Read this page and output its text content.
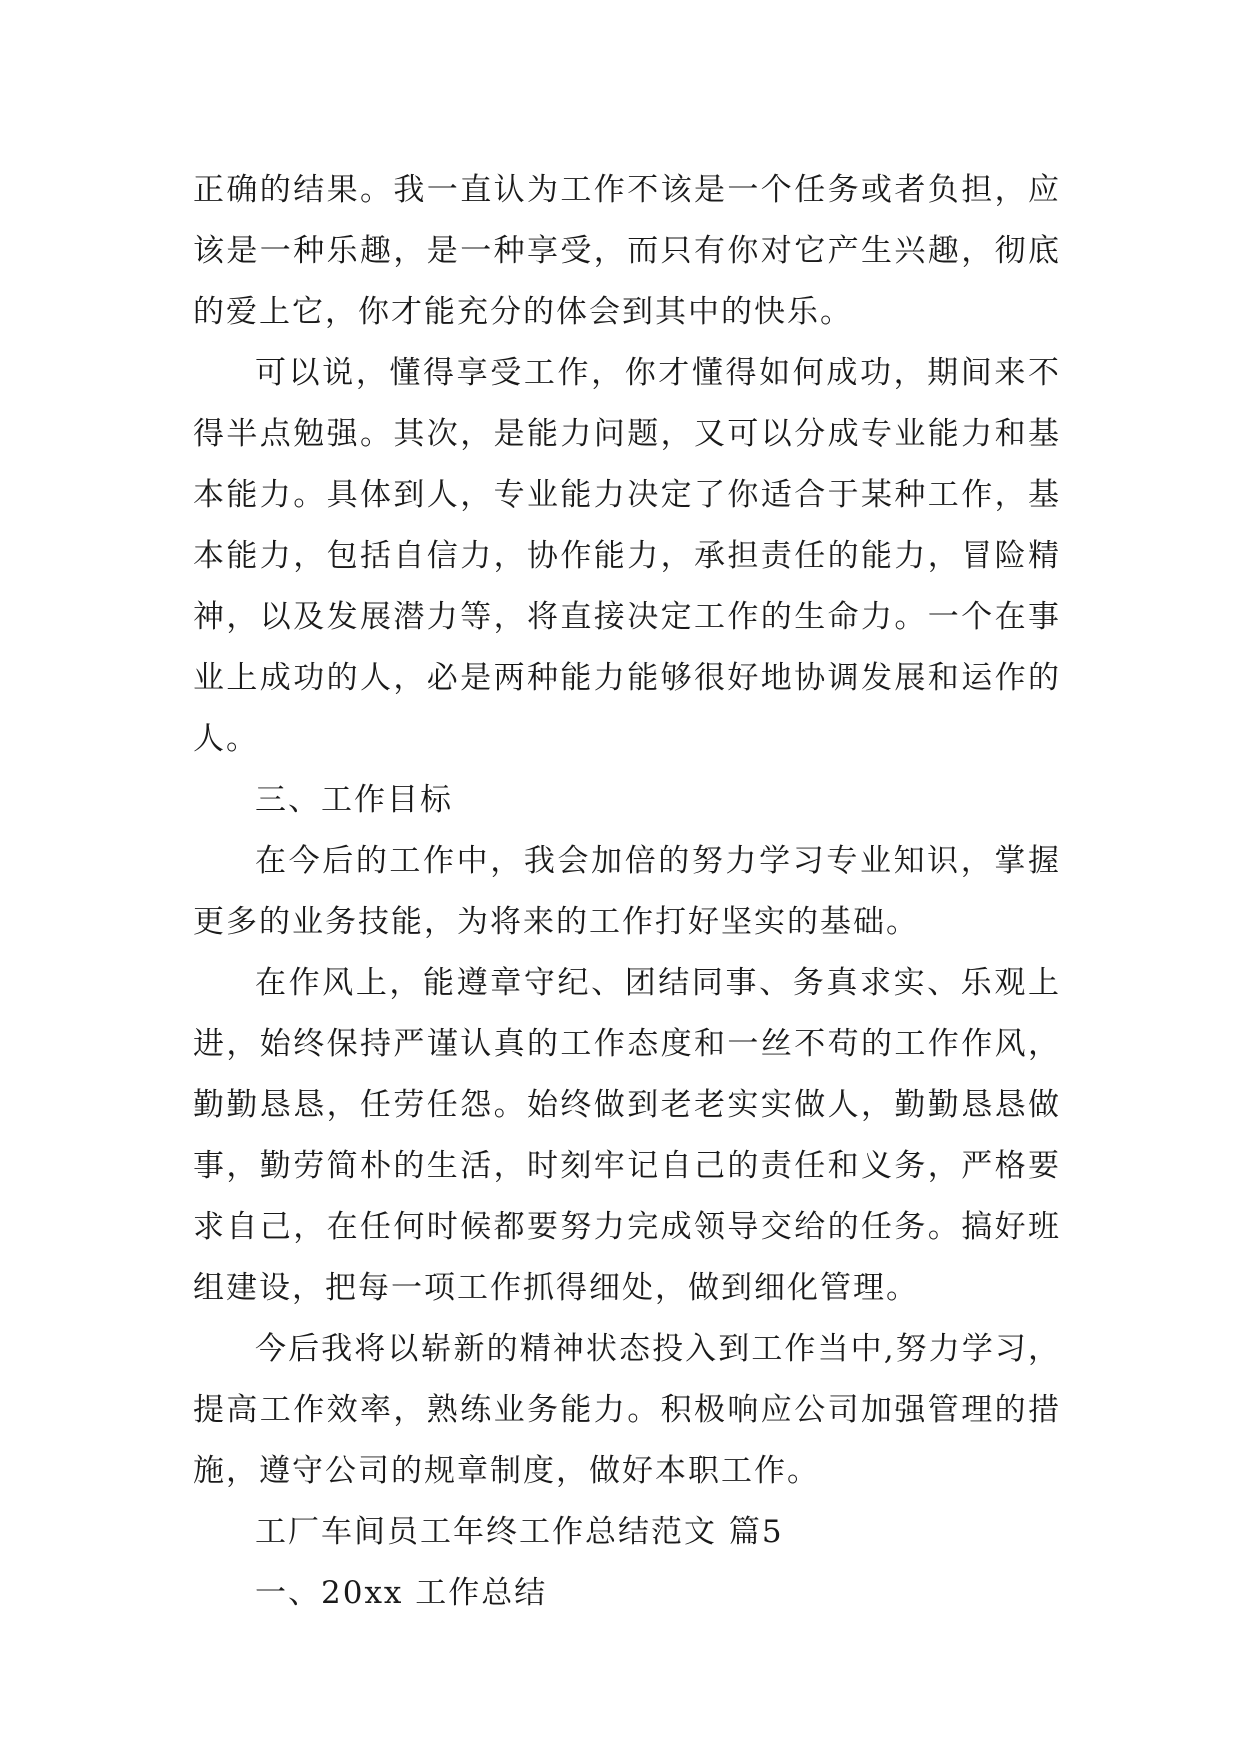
正确的结果。我一直认为工作不该是一个任务或者负担，应该是一种乐趣，是一种享受，而只有你对它产生兴趣，彻底的爱上它，你才能充分的体会到其中的快乐。

可以说，懂得享受工作，你才懂得如何成功，期间来不得半点勉强。其次，是能力问题，又可以分成专业能力和基本能力。具体到人，专业能力决定了你适合于某种工作，基本能力，包括自信力，协作能力，承担责任的能力，冒险精神，以及发展潜力等，将直接决定工作的生命力。一个在事业上成功的人，必是两种能力能够很好地协调发展和运作的人。

三、工作目标

在今后的工作中，我会加倍的努力学习专业知识，掌握更多的业务技能，为将来的工作打好坚实的基础。

在作风上，能遵章守纪、团结同事、务真求实、乐观上进，始终保持严谨认真的工作态度和一丝不苟的工作作风，勤勤恳恳，任劳任怨。始终做到老老实实做人，勤勤恳恳做事，勤劳简朴的生活，时刻牢记自己的责任和义务，严格要求自己，在任何时候都要努力完成领导交给的任务。搞好班组建设，把每一项工作抓得细处，做到细化管理。

今后我将以崭新的精神状态投入到工作当中,努力学习，提高工作效率，熟练业务能力。积极响应公司加强管理的措施，遵守公司的规章制度，做好本职工作。

工厂车间员工年终工作总结范文 篇5

一、20xx 工作总结
